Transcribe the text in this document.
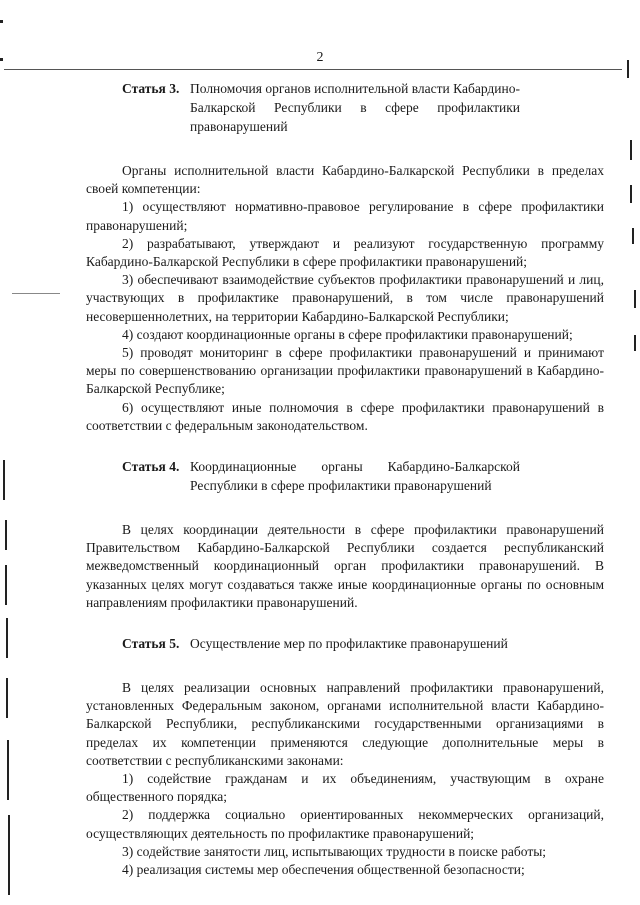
2
Статья 3. Полномочия органов исполнительной власти Кабардино-Балкарской Республики в сфере профилактики правонарушений

Органы исполнительной власти Кабардино-Балкарской Республики в пределах своей компетенции:

1) осуществляют нормативно-правовое регулирование в сфере профилактики правонарушений;

2) разрабатывают, утверждают и реализуют государственную программу Кабардино-Балкарской Республики в сфере профилактики правонарушений;

3) обеспечивают взаимодействие субъектов профилактики правонарушений и лиц, участвующих в профилактике правонарушений, в том числе правонарушений несовершеннолетних, на территории Кабардино-Балкарской Республики;

4) создают координационные органы в сфере профилактики правонарушений;

5) проводят мониторинг в сфере профилактики правонарушений и принимают меры по совершенствованию организации профилактики правонарушений в Кабардино-Балкарской Республике;

6) осуществляют иные полномочия в сфере профилактики правонарушений в соответствии с федеральным законодательством.

Статья 4. Координационные органы Кабардино-Балкарской Республики в сфере профилактики правонарушений

В целях координации деятельности в сфере профилактики правонарушений Правительством Кабардино-Балкарской Республики создается республиканский межведомственный координационный орган профилактики правонарушений. В указанных целях могут создаваться также иные координационные органы по основным направлениям профилактики правонарушений.

Статья 5. Осуществление мер по профилактике правонарушений

В целях реализации основных направлений профилактики правонарушений, установленных Федеральным законом, органами исполнительной власти Кабардино-Балкарской Республики, республиканскими государственными организациями в пределах их компетенции применяются следующие дополнительные меры в соответствии с республиканскими законами:

1) содействие гражданам и их объединениям, участвующим в охране общественного порядка;

2) поддержка социально ориентированных некоммерческих организаций, осуществляющих деятельность по профилактике правонарушений;

3) содействие занятости лиц, испытывающих трудности в поиске работы;

4) реализация системы мер обеспечения общественной безопасности;
